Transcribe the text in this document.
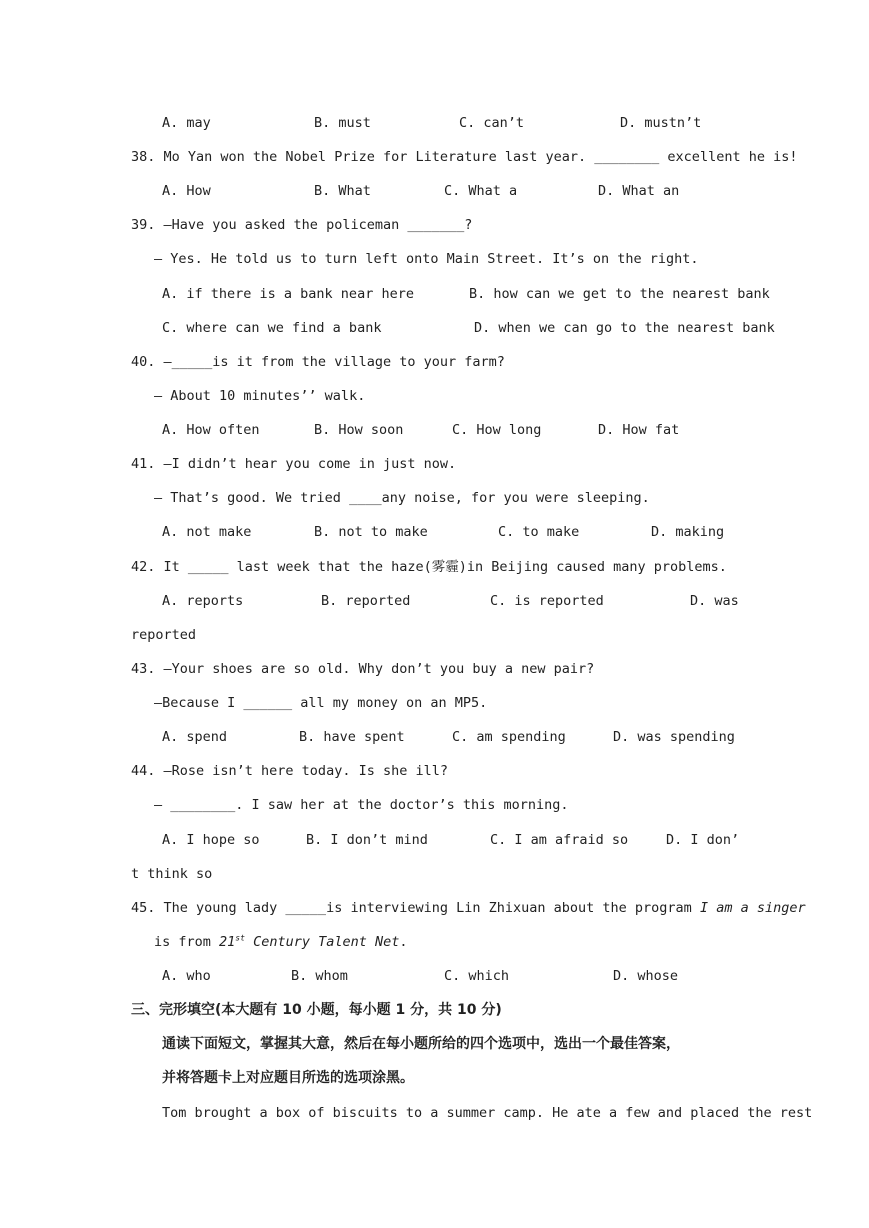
A. may	B. must	C. can’t	D. mustn’t
38. Mo Yan won the Nobel Prize for Literature last year. ________ excellent he is!
A. How	B. What	C. What a	D. What an
39. —Have you asked the policeman _______?
— Yes. He told us to turn left onto Main Street. It’s on the right.
A. if there is a bank near here	B. how can we get to the nearest bank
C. where can we find a bank	D. when we can go to the nearest bank
40. —_____is it from the village to your farm?
— About 10 minutes’’ walk.
A. How often	B. How soon	C. How long	D. How fat
41. —I didn’t hear you come in just now.
— That’s good. We tried ____any noise, for you were sleeping.
A. not make	B. not to make	C. to make	D. making
42. It _____ last week that the haze(雾霾)in Beijing caused many problems.
A. reports	B. reported	C. is reported	D. was
reported
43. —Your shoes are so old. Why don’t you buy a new pair?
—Because I ______ all my money on an MP5.
A. spend	B. have spent	C. am spending	D. was spending
44. —Rose isn’t here today. Is she ill?
— ________. I saw her at the doctor’s this morning.
A. I hope so	B. I don’t mind	C. I am afraid so	D. I don’
t think so
45. The young lady _____is interviewing Lin Zhixuan about the program I am a singer
is from 21st Century Talent Net.
A. who	B. whom	C. which	D. whose
三、完形填空(本大题有 10 小题，每小题 1 分，共 10 分)
通读下面短文，掌握其大意，然后在每小题所给的四个选项中，选出一个最佳答案，
并将答题卡上对应题目所选的选项涂黑。
Tom brought a box of biscuits to a summer camp. He ate a few and placed the rest
